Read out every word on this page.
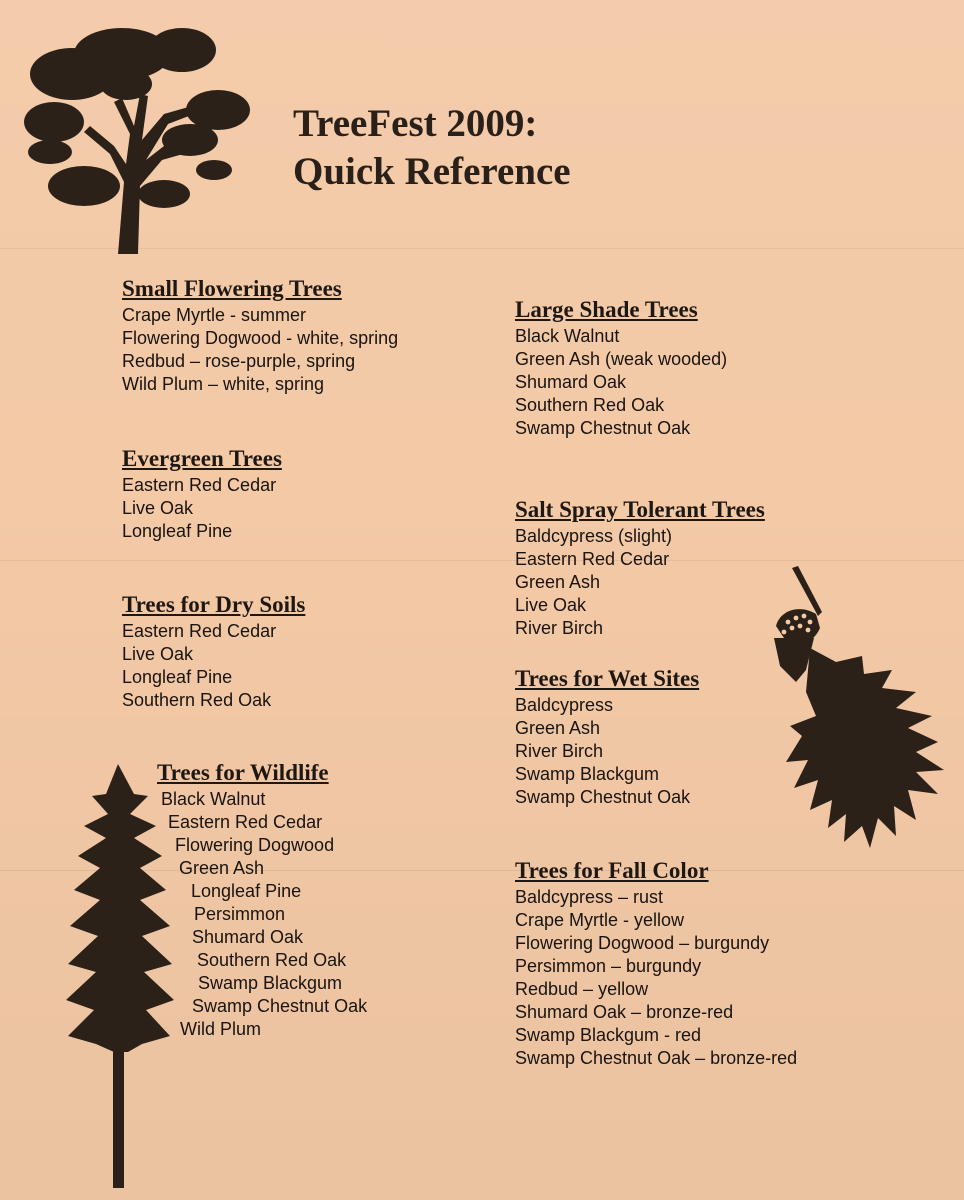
TreeFest 2009:
Quick Reference
Small Flowering Trees
Crape Myrtle - summer
Flowering Dogwood - white, spring
Redbud – rose-purple, spring
Wild Plum – white, spring
Evergreen Trees
Eastern Red Cedar
Live Oak
Longleaf Pine
Trees for Dry Soils
Eastern Red Cedar
Live Oak
Longleaf Pine
Southern Red Oak
Trees for Wildlife
Black Walnut
Eastern Red Cedar
Flowering Dogwood
Green Ash
Longleaf Pine
Persimmon
Shumard Oak
Southern Red Oak
Swamp Blackgum
Swamp Chestnut Oak
Wild Plum
Large Shade Trees
Black Walnut
Green Ash (weak wooded)
Shumard Oak
Southern Red Oak
Swamp Chestnut Oak
Salt Spray Tolerant Trees
Baldcypress (slight)
Eastern Red Cedar
Green Ash
Live Oak
River Birch
Trees for Wet Sites
Baldcypress
Green Ash
River Birch
Swamp Blackgum
Swamp Chestnut Oak
Trees for Fall Color
Baldcypress – rust
Crape Myrtle - yellow
Flowering Dogwood – burgundy
Persimmon – burgundy
Redbud – yellow
Shumard Oak – bronze-red
Swamp Blackgum - red
Swamp Chestnut Oak – bronze-red
